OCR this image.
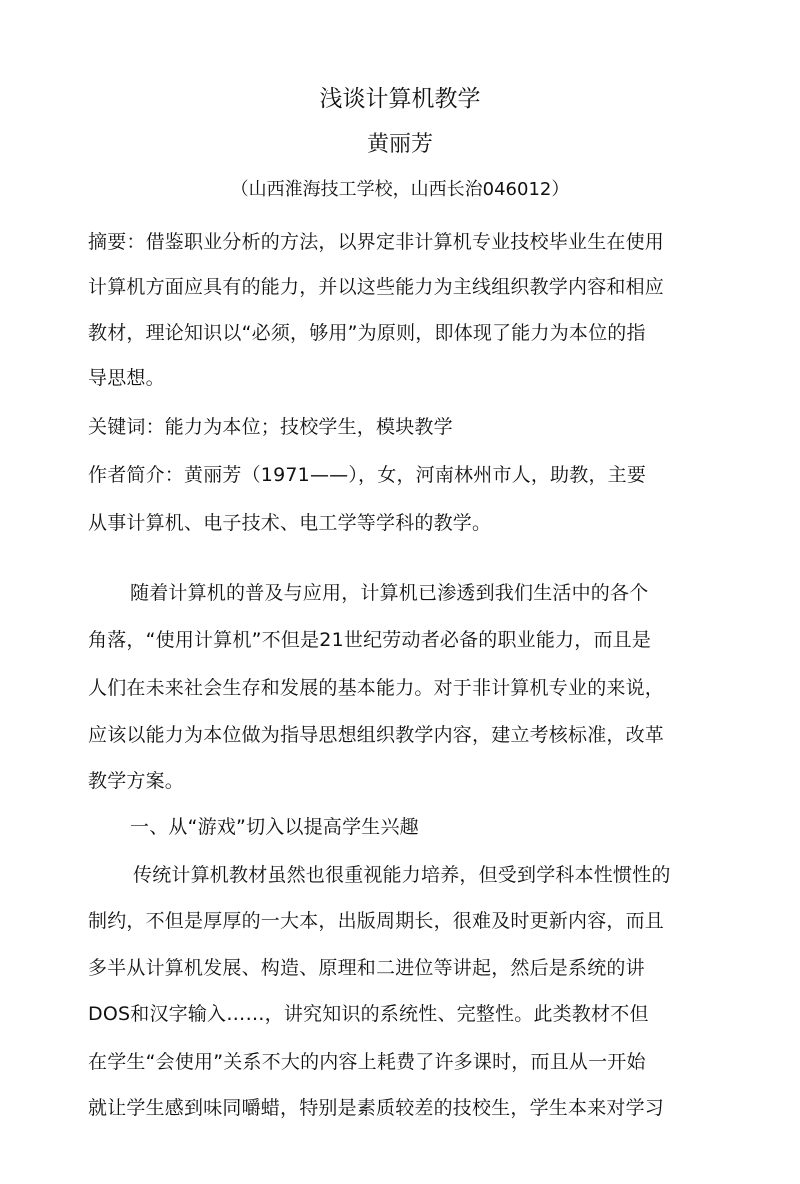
浅谈计算机教学
黄丽芳
（山西淮海技工学校，山西长治046012）
摘要：借鉴职业分析的方法，以界定非计算机专业技校毕业生在使用
计算机方面应具有的能力，并以这些能力为主线组织教学内容和相应
教材，理论知识以“必须，够用”为原则，即体现了能力为本位的指
导思想。
关键词：能力为本位；技校学生，模块教学
作者简介：黄丽芳（1971——），女，河南林州市人，助教，主要
从事计算机、电子技术、电工学等学科的教学。
随着计算机的普及与应用，计算机已渗透到我们生活中的各个
角落，“使用计算机”不但是21世纪劳动者必备的职业能力，而且是
人们在未来社会生存和发展的基本能力。对于非计算机专业的来说，
应该以能力为本位做为指导思想组织教学内容，建立考核标准，改革
教学方案。
一、从“游戏”切入以提高学生兴趣
传统计算机教材虽然也很重视能力培养，但受到学科本性惯性的
制约，不但是厚厚的一大本，出版周期长，很难及时更新内容，而且
多半从计算机发展、构造、原理和二进位等讲起，然后是系统的讲
DOS和汉字输入……，讲究知识的系统性、完整性。此类教材不但
在学生“会使用”关系不大的内容上耗费了许多课时，而且从一开始
就让学生感到味同嚼蜡，特别是素质较差的技校生，学生本来对学习
